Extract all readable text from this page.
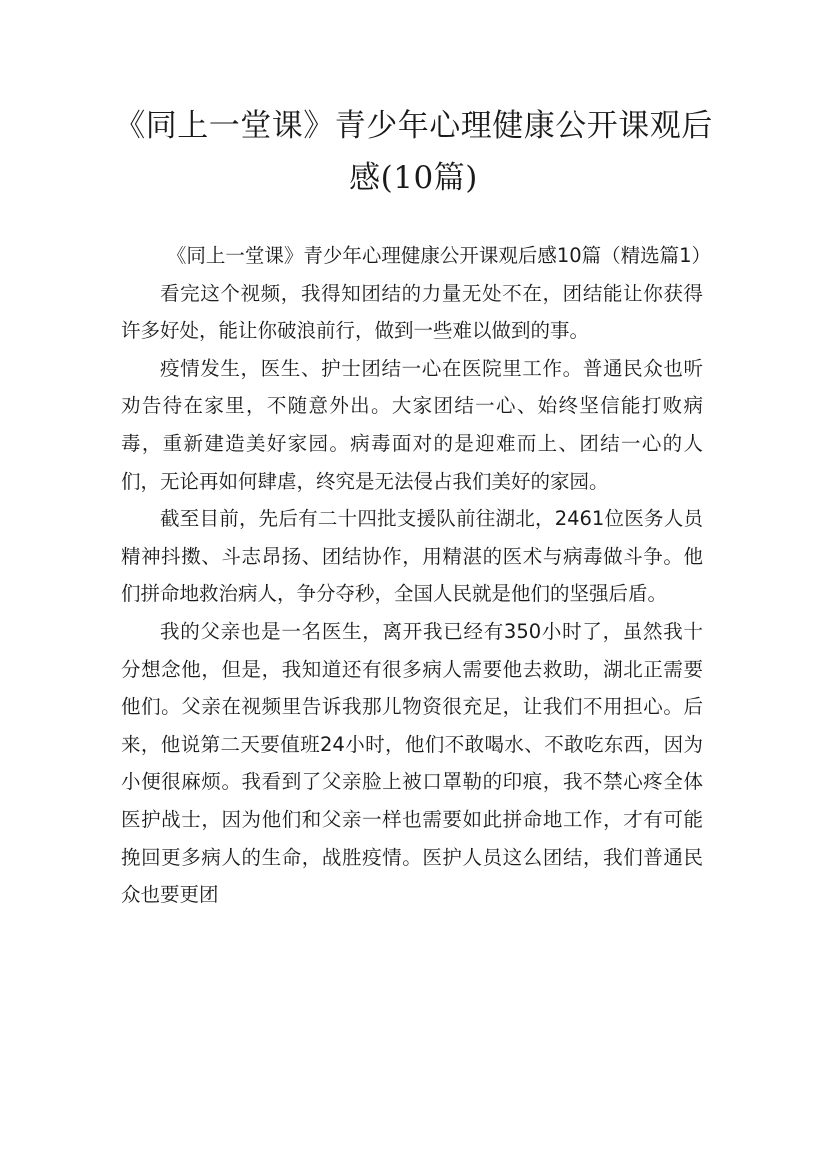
《同上一堂课》青少年心理健康公开课观后感(10篇)

《同上一堂课》青少年心理健康公开课观后感10篇（精选篇1）

看完这个视频，我得知团结的力量无处不在，团结能让你获得许多好处，能让你破浪前行，做到一些难以做到的事。

疫情发生，医生、护士团结一心在医院里工作。普通民众也听劝告待在家里，不随意外出。大家团结一心、始终坚信能打败病毒，重新建造美好家园。病毒面对的是迎难而上、团结一心的人们，无论再如何肆虐，终究是无法侵占我们美好的家园。

截至目前，先后有二十四批支援队前往湖北，2461位医务人员精神抖擞、斗志昂扬、团结协作，用精湛的医术与病毒做斗争。他们拼命地救治病人，争分夺秒，全国人民就是他们的坚强后盾。

我的父亲也是一名医生，离开我已经有350小时了，虽然我十分想念他，但是，我知道还有很多病人需要他去救助，湖北正需要他们。父亲在视频里告诉我那儿物资很充足，让我们不用担心。后来，他说第二天要值班24小时，他们不敢喝水、不敢吃东西，因为小便很麻烦。我看到了父亲脸上被口罩勒的印痕，我不禁心疼全体医护战士，因为他们和父亲一样也需要如此拼命地工作，才有可能挽回更多病人的生命，战胜疫情。医护人员这么团结，我们普通民众也要更团
